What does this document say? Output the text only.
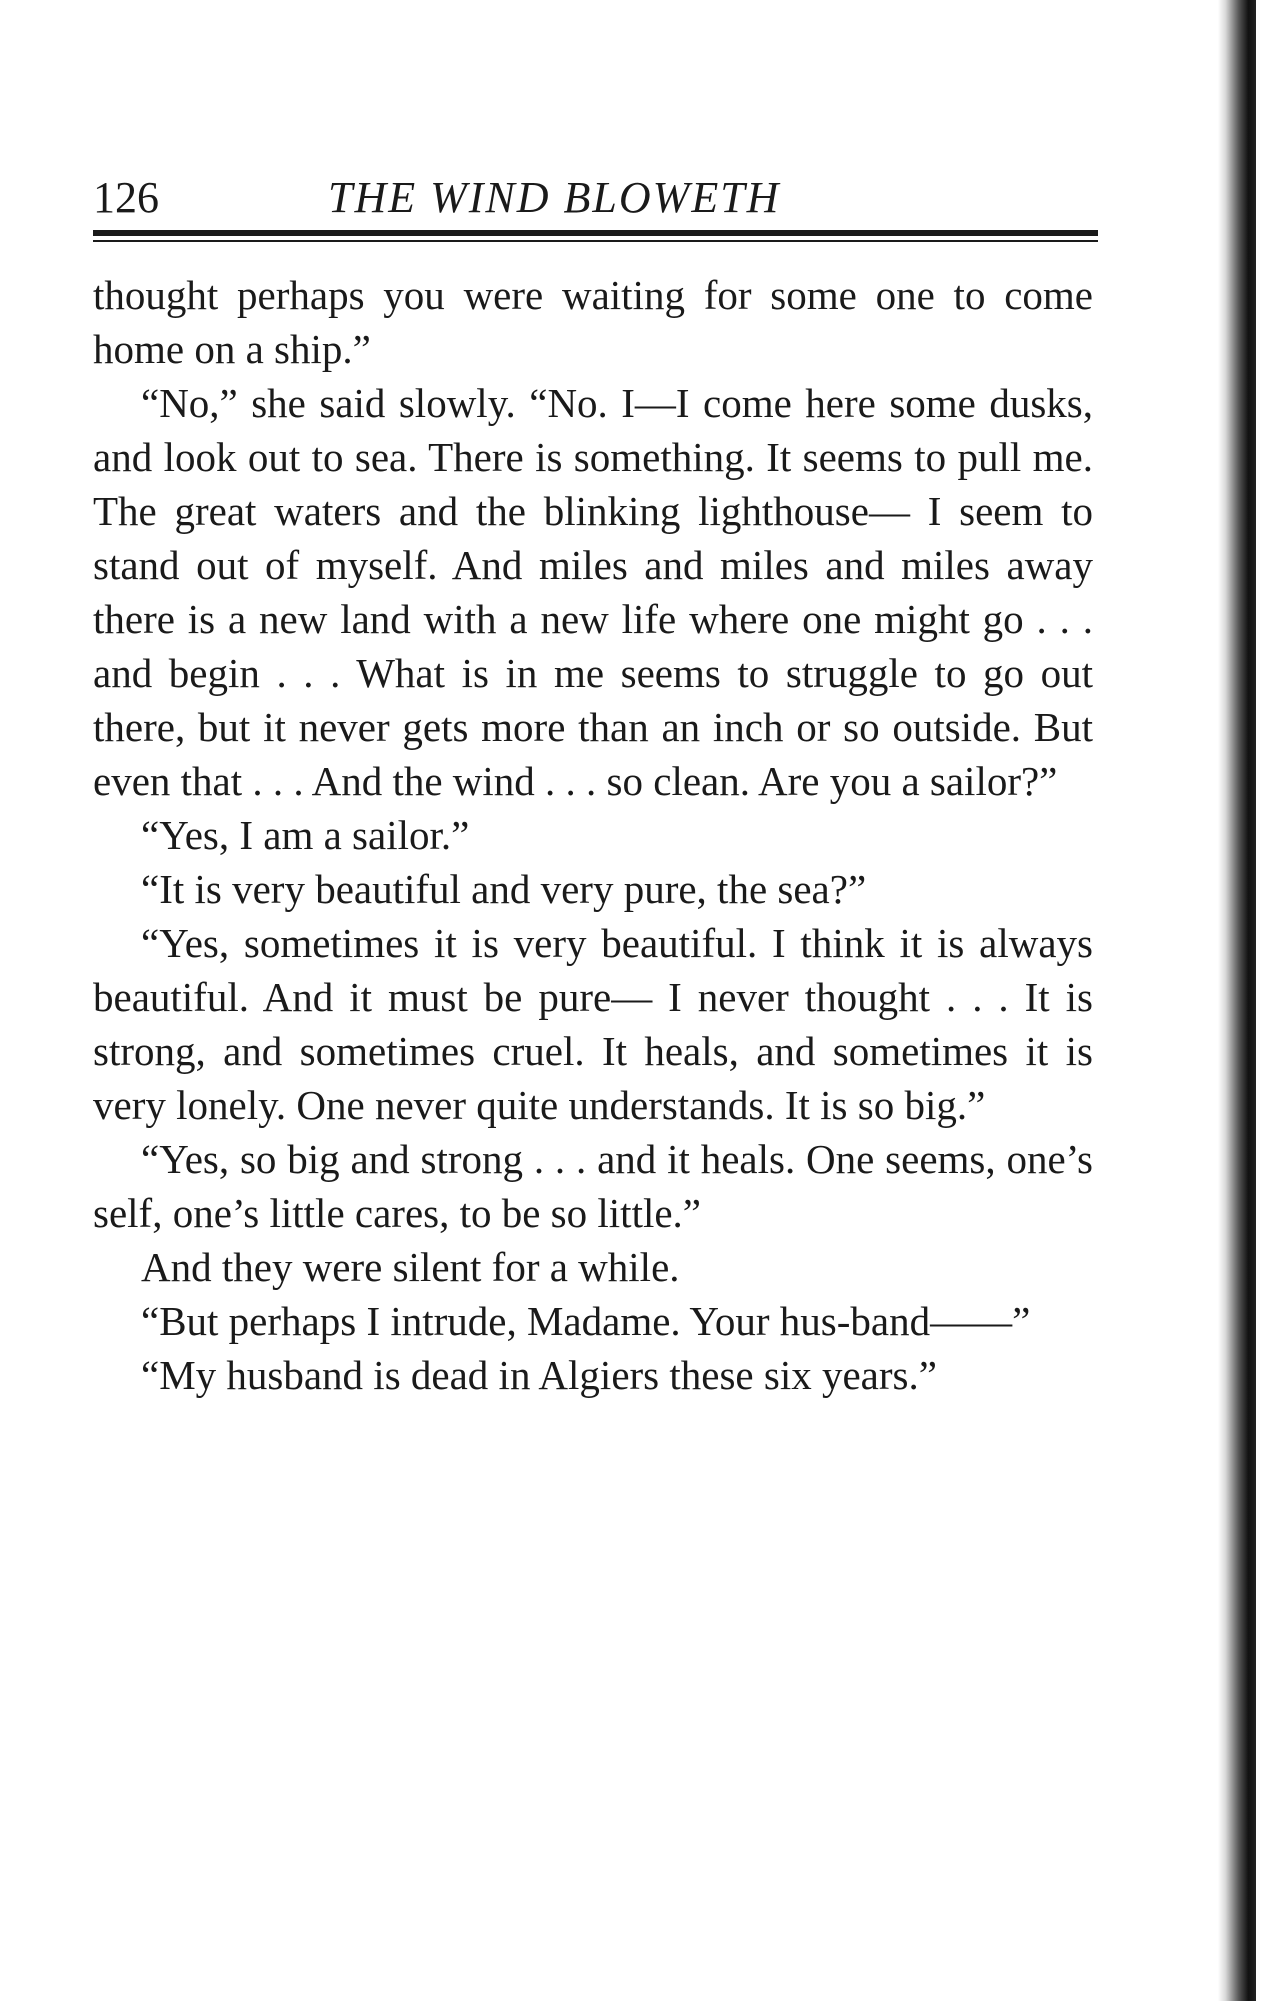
126	THE WIND BLOWETH

thought perhaps you were waiting for some one to come home on a ship.”

“No,” she said slowly. “No. I—I come here some dusks, and look out to sea. There is something. It seems to pull me. The great waters and the blinking lighthouse— I seem to stand out of myself. And miles and miles and miles away there is a new land with a new life where one might go . . . and begin . . . What is in me seems to struggle to go out there, but it never gets more than an inch or so outside. But even that . . . And the wind . . . so clean. Are you a sailor?”

“Yes, I am a sailor.”

“It is very beautiful and very pure, the sea?”

“Yes, sometimes it is very beautiful. I think it is always beautiful. And it must be pure— I never thought . . . It is strong, and sometimes cruel. It heals, and sometimes it is very lonely. One never quite understands. It is so big.”

“Yes, so big and strong . . . and it heals. One seems, one’s self, one’s little cares, to be so little.”

And they were silent for a while.

“But perhaps I intrude, Madame. Your hus-band——”

“My husband is dead in Algiers these six years.”
